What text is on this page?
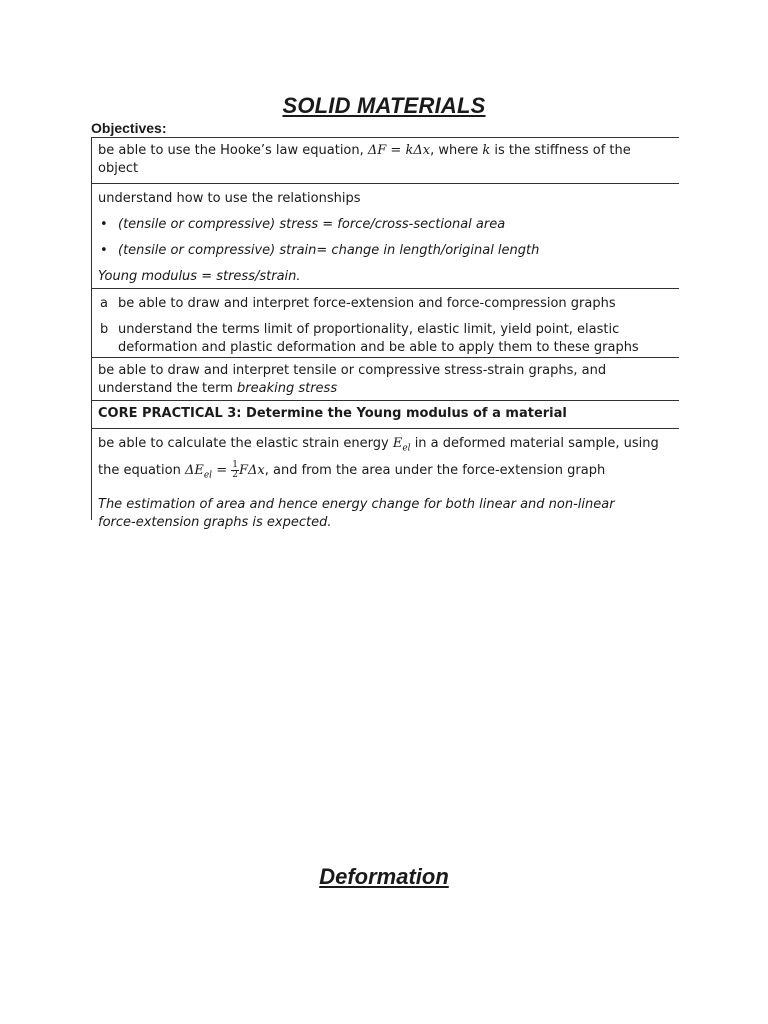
SOLID MATERIALS
Objectives:
be able to use the Hooke’s law equation, ΔF = kΔx, where k is the stiffness of the
object
understand how to use the relationships
• (tensile or compressive) stress = force/cross-sectional area
• (tensile or compressive) strain= change in length/original length
Young modulus = stress/strain.
a be able to draw and interpret force-extension and force-compression graphs
b understand the terms limit of proportionality, elastic limit, yield point, elastic
deformation and plastic deformation and be able to apply them to these graphs
be able to draw and interpret tensile or compressive stress-strain graphs, and
understand the term breaking stress
CORE PRACTICAL 3: Determine the Young modulus of a material
be able to calculate the elastic strain energy $E_{el}$ in a deformed material sample, using
the equation $\Delta E_{el} = \frac{1}{2} F\Delta x$, and from the area under the force-extension graph
The estimation of area and hence energy change for both linear and non-linear
force-extension graphs is expected.
Deformation
